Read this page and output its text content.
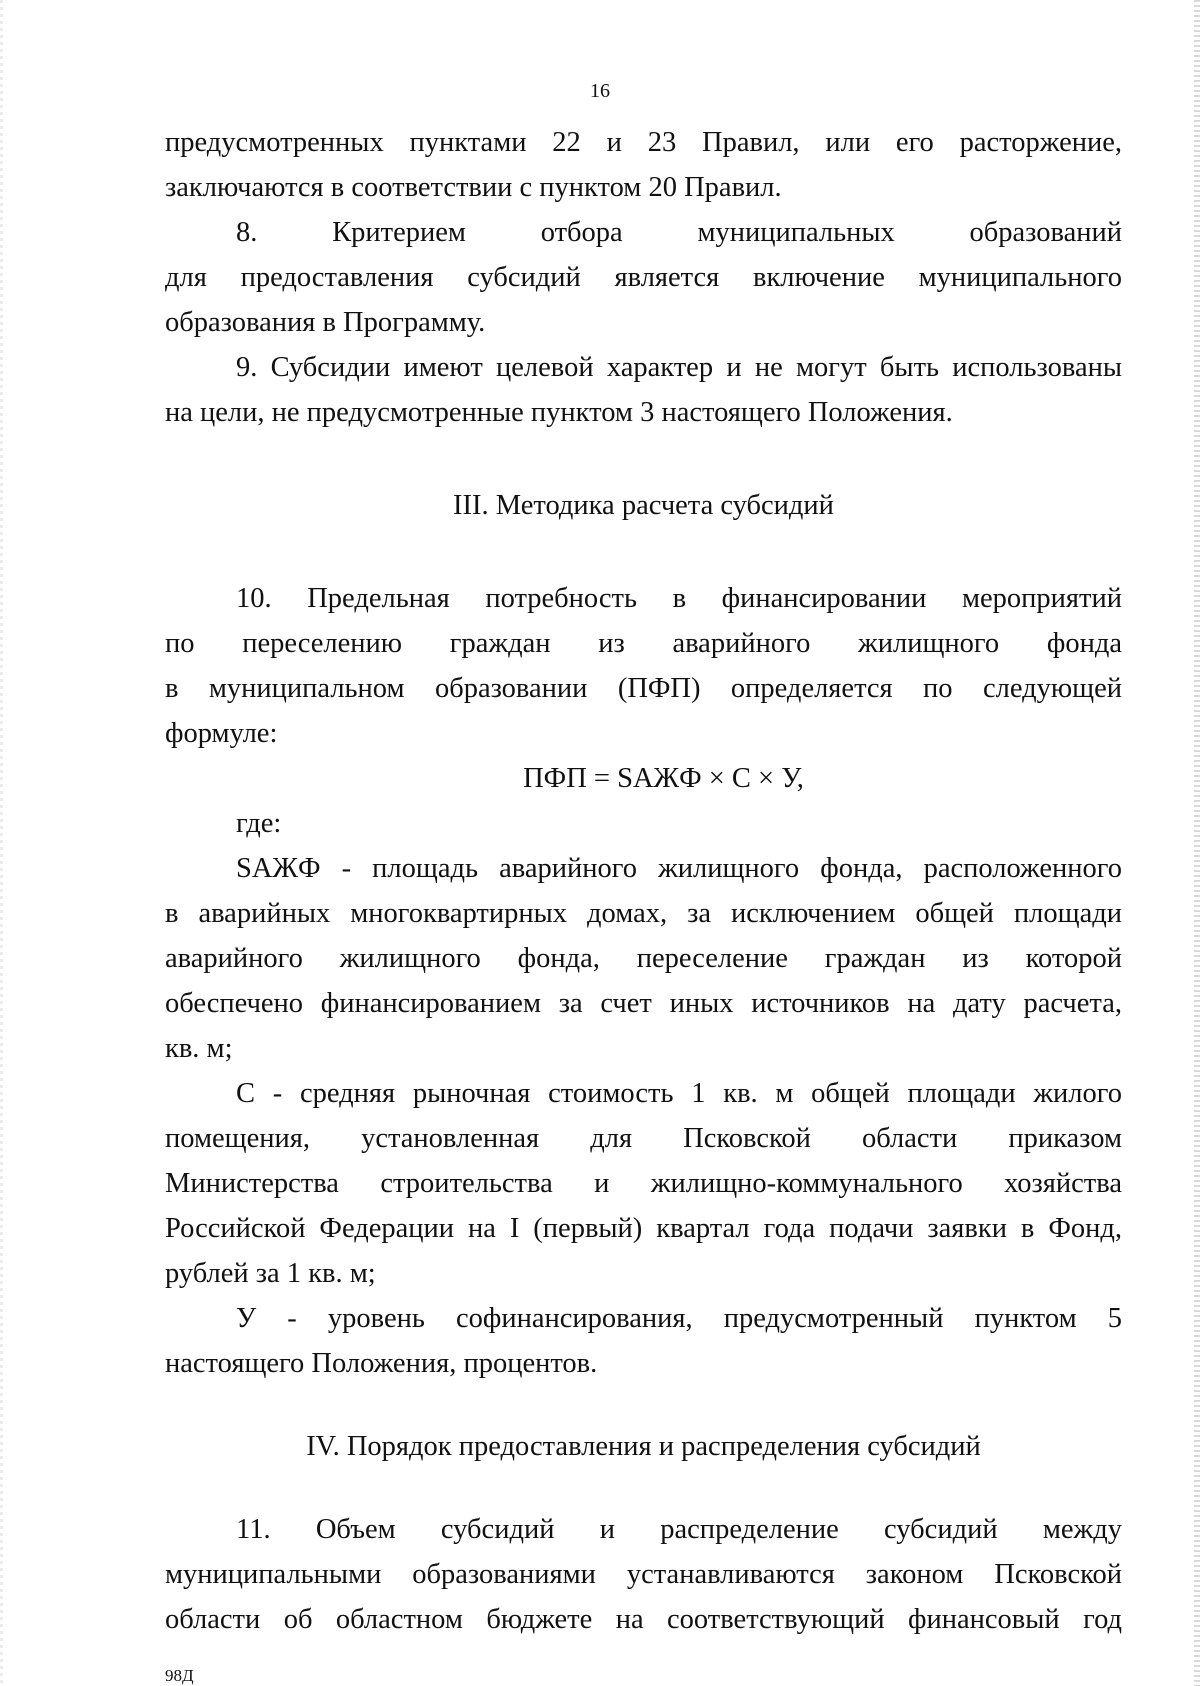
16
предусмотренных пунктами 22 и 23 Правил, или его расторжение,
заключаются в соответствии с пунктом 20 Правил.
8. Критерием отбора муниципальных образований
для предоставления субсидий является включение муниципального
образования в Программу.
9. Субсидии имеют целевой характер и не могут быть использованы
на цели, не предусмотренные пунктом 3 настоящего Положения.
III. Методика расчета субсидий
10. Предельная потребность в финансировании мероприятий
по переселению граждан из аварийного жилищного фонда
в муниципальном образовании (ПФП) определяется по следующей
формуле:
ПФП = SАЖФ × С × У,
где:
SАЖФ - площадь аварийного жилищного фонда, расположенного
в аварийных многоквартирных домах, за исключением общей площади
аварийного жилищного фонда, переселение граждан из которой
обеспечено финансированием за счет иных источников на дату расчета,
кв. м;
С - средняя рыночная стоимость 1 кв. м общей площади жилого
помещения, установленная для Псковской области приказом
Министерства строительства и жилищно-коммунального хозяйства
Российской Федерации на I (первый) квартал года подачи заявки в Фонд,
рублей за 1 кв. м;
У - уровень софинансирования, предусмотренный пунктом 5
настоящего Положения, процентов.
IV. Порядок предоставления и распределения субсидий
11. Объем субсидий и распределение субсидий между
муниципальными образованиями устанавливаются законом Псковской
области об областном бюджете на соответствующий финансовый год
98Д
